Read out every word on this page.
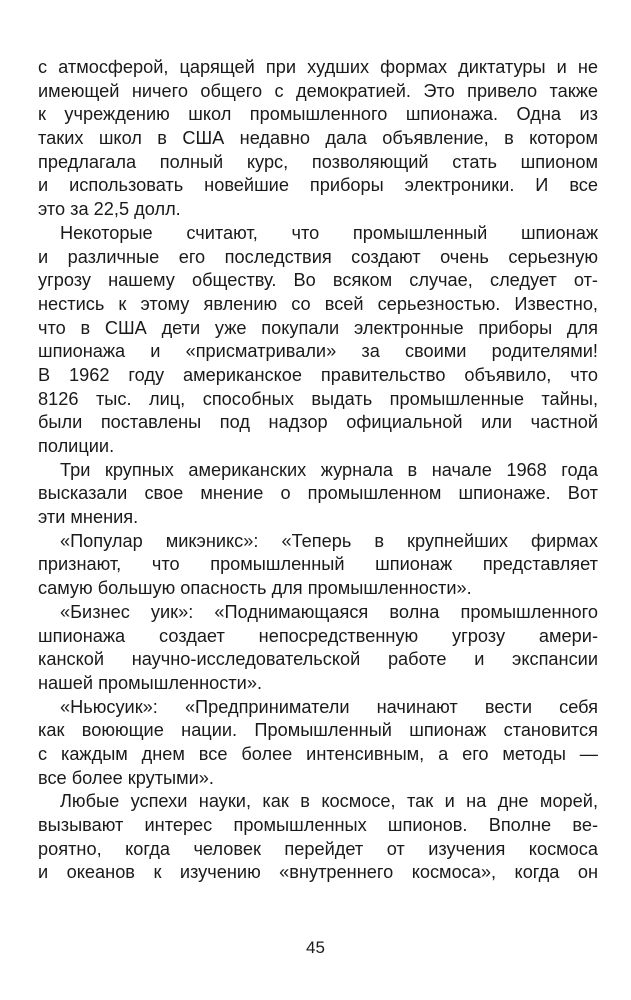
с атмосферой, царящей при худших формах диктатуры и не
имеющей ничего общего с демократией. Это привело также
к учреждению школ промышленного шпионажа. Одна из
таких школ в США недавно дала объявление, в котором
предлагала полный курс, позволяющий стать шпионом
и использовать новейшие приборы электроники. И все
это за 22,5 долл.
Некоторые считают, что промышленный шпионаж
и различные его последствия создают очень серьезную
угрозу нашему обществу. Во всяком случае, следует от-
нестись к этому явлению со всей серьезностью. Известно,
что в США дети уже покупали электронные приборы для
шпионажа и «присматривали» за своими родителями!
В 1962 году американское правительство объявило, что
8126 тыс. лиц, способных выдать промышленные тайны,
были поставлены под надзор официальной или частной
полиции.
Три крупных американских журнала в начале 1968 года
высказали свое мнение о промышленном шпионаже. Вот
эти мнения.
«Популар микэникс»: «Теперь в крупнейших фирмах
признают, что промышленный шпионаж представляет
самую большую опасность для промышленности».
«Бизнес уик»: «Поднимающаяся волна промышленного
шпионажа создает непосредственную угрозу амери-
канской научно-исследовательской работе и экспансии
нашей промышленности».
«Ньюсуик»: «Предприниматели начинают вести себя
как воюющие нации. Промышленный шпионаж становится
с каждым днем все более интенсивным, а его методы —
все более крутыми».
Любые успехи науки, как в космосе, так и на дне морей,
вызывают интерес промышленных шпионов. Вполне ве-
роятно, когда человек перейдет от изучения космоса
и океанов к изучению «внутреннего космоса», когда он
45
